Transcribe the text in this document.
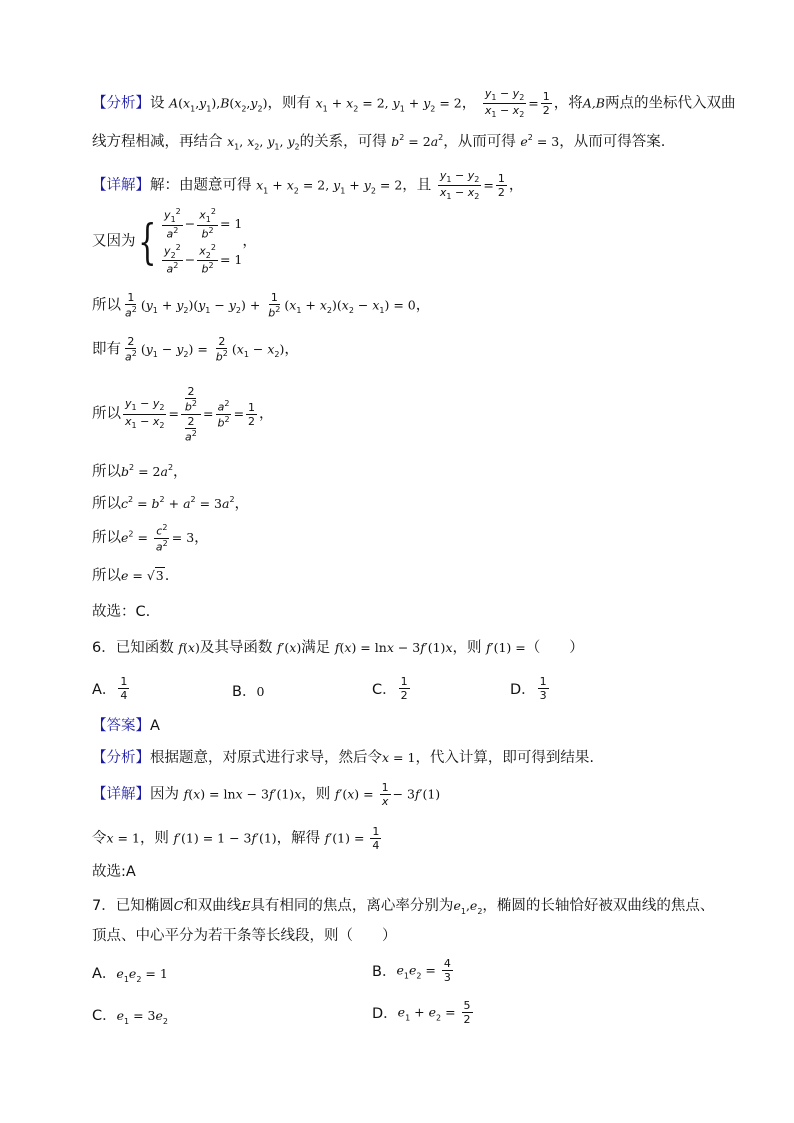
【分析】设 $A(x_1,y_1),B(x_2,y_2)$，则有 $x_1 + x_2 = 2$, $y_1 + y_2 = 2$， $\frac{y_1 - y_2}{x_1 - x_2} = \frac{1}{2}$ ，将A,B两点的坐标代入双曲
线方程相减，再结合 $x_1$, $x_2$, $y_1$, $y_2$的关系，可得 $b^2 = 2a^2$，从而可得 $e^2 = 3$，从而可得答案.
【详解】解：由题意可得 $x_1 + x_2 = 2$, $y_1 + y_2 = 2$，且 $\frac{y_1 - y_2}{x_1 - x_2} = \frac{1}{2}$ ，
又因为 { $\frac{y_1^2}{a^2} - \frac{x_1^2}{b^2} = 1$
$\frac{y_2^2}{a^2} - \frac{x_2^2}{b^2} = 1$
，
所以 $\frac{1}{a^2} (y_1 + y_2)(y_1 - y_2) + \frac{1}{b^2} (x_1 + x_2)(x_2 - x_1) = 0$，
即有 $\frac{2}{a^2} (y_1 - y_2) = \frac{2}{b^2} (x_1 - x_2)$，
所以 $\frac{y_1 - y_2}{x_1 - x_2} = \frac{\frac{2}{b^2}}{\frac{2}{a^2}} = \frac{a^2}{b^2} = \frac{1}{2}$ ，
所以$b^2 = 2a^2$，
所以$c^2 = b^2 + a^2 = 3a^2$，
所以$e^2 = \frac{c^2}{a^2} = 3$，
所以e = √3.
故选：C.
6．已知函数 f(x)及其导函数 f′(x)满足 f(x) = lnx − 3f′(1)x，则 f′(1) =（　　）
A． $\frac{1}{4}$	B．0	C． $\frac{1}{2}$	D． $\frac{1}{3}$
【答案】A
【分析】根据题意，对原式进行求导，然后令x = 1，代入计算，即可得到结果.
【详解】因为 f(x) = lnx − 3f′(1)x，则 $f'(x) = \frac{1}{x} - 3f'(1)$
令x = 1，则 f′(1) = 1 − 3f′(1)，解得 $f'(1) = \frac{1}{4}$
故选:A
7．已知椭圆C和双曲线E具有相同的焦点，离心率分别为$e_1,e_2$，椭圆的长轴恰好被双曲线的焦点、
顶点、中心平分为若干条等长线段，则（　　）
A．$e_1e_2 = 1$	B．$e_1e_2 = \frac{4}{3}$
C．$e_1 = 3e_2$	D．$e_1 + e_2 = \frac{5}{2}$
